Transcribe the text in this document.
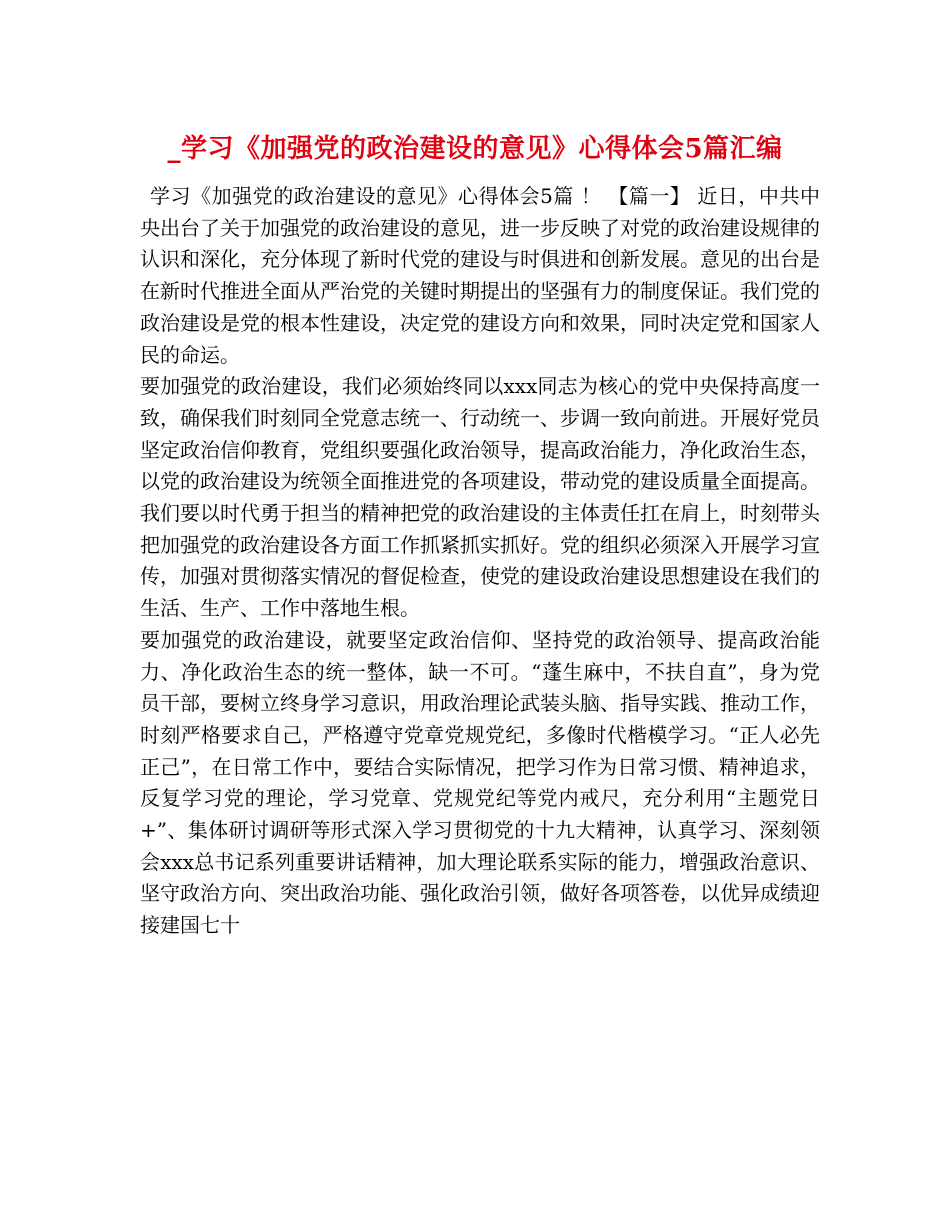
_学习《加强党的政治建设的意见》心得体会5篇汇编

学习《加强党的政治建设的意见》心得体会5篇 ！ 【篇一】 近日，中共中央出台了关于加强党的政治建设的意见，进一步反映了对党的政治建设规律的认识和深化，充分体现了新时代党的建设与时俱进和创新发展。意见的出台是在新时代推进全面从严治党的关键时期提出的坚强有力的制度保证。我们党的政治建设是党的根本性建设，决定党的建设方向和效果，同时决定党和国家人民的命运。

要加强党的政治建设，我们必须始终同以xxx同志为核心的党中央保持高度一致，确保我们时刻同全党意志统一、行动统一、步调一致向前进。开展好党员坚定政治信仰教育，党组织要强化政治领导，提高政治能力，净化政治生态，以党的政治建设为统领全面推进党的各项建设，带动党的建设质量全面提高。我们要以时代勇于担当的精神把党的政治建设的主体责任扛在肩上，时刻带头把加强党的政治建设各方面工作抓紧抓实抓好。党的组织必须深入开展学习宣传，加强对贯彻落实情况的督促检查，使党的建设政治建设思想建设在我们的生活、生产、工作中落地生根。

要加强党的政治建设，就要坚定政治信仰、坚持党的政治领导、提高政治能力、净化政治生态的统一整体，缺一不可。“蓬生麻中，不扶自直”，身为党员干部，要树立终身学习意识，用政治理论武装头脑、指导实践、推动工作，时刻严格要求自己，严格遵守党章党规党纪，多像时代楷模学习。“正人必先正己”，在日常工作中，要结合实际情况，把学习作为日常习惯、精神追求，反复学习党的理论，学习党章、党规党纪等党内戒尺，充分利用“主题党日+”、集体研讨调研等形式深入学习贯彻党的十九大精神，认真学习、深刻领会xxx总书记系列重要讲话精神，加大理论联系实际的能力，增强政治意识、坚守政治方向、突出政治功能、强化政治引领，做好各项答卷，以优异成绩迎接建国七十
